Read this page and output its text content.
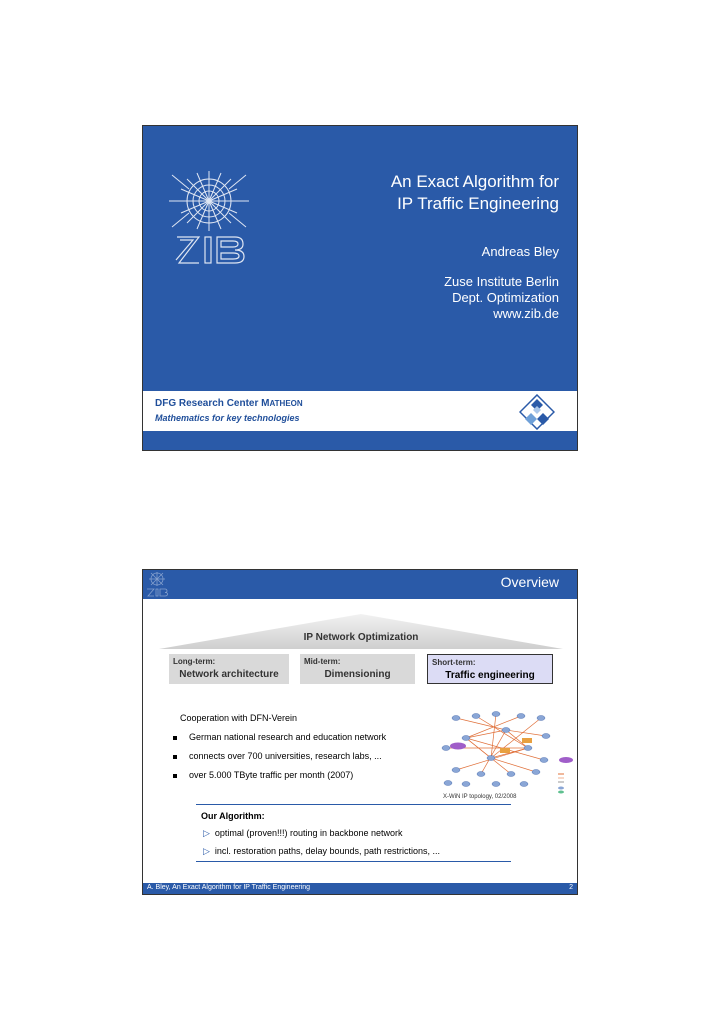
An Exact Algorithm for
IP Traffic Engineering
Andreas Bley
Zuse Institute Berlin
Dept. Optimization
www.zib.de
DFG Research Center MATHEON
Mathematics for key technologies
Overview
IP Network Optimization
Long-term:
Network architecture
Mid-term:
Dimensioning
Short-term:
Traffic engineering
Cooperation with DFN-Verein
German national research and education network
connects over 700 universities, research labs, ...
over 5.000 TByte traffic per month (2007)
X-WiN IP topology, 02/2008
Our Algorithm:
▷ optimal (proven!!!) routing in backbone network
▷ incl. restoration paths, delay bounds, path restrictions, ...
A. Bley, An Exact Algorithm for IP Traffic Engineering	2
